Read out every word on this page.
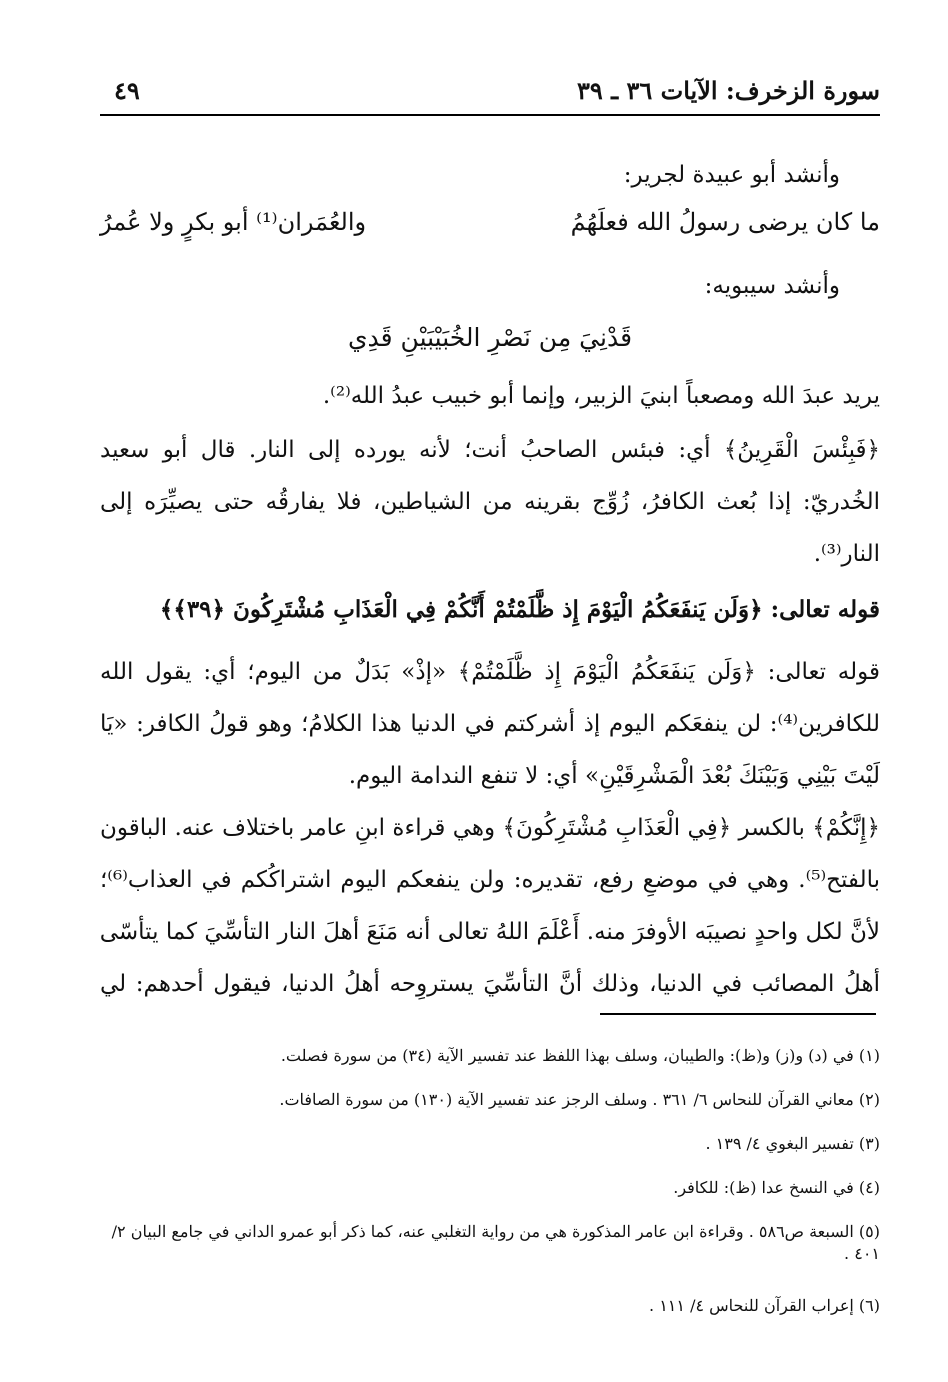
سورة الزخرف: الآيات ٣٦ ـ ٣٩
٤٩
وأنشد أبو عبيدة لجرير:
ما كان يرضى رسولُ الله فعلَهُمُ
والعُمَران⁽¹⁾ أبو بكرٍ ولا عُمرُ
وأنشد سيبويه:
قَدْنِيَ مِن نَصْرِ الخُبَيْبَيْنِ قَدِي
يريد عبدَ الله ومصعباً ابنيَ الزبير، وإنما أبو خبيب عبدُ الله⁽²⁾.
﴿فَبِئْسَ الْقَرِينُ﴾ أي: فبئس الصاحبُ أنت؛ لأنه يورده إلى النار. قال أبو سعيد
الخُدريّ: إذا بُعث الكافرُ، زُوِّج بقرينه من الشياطين، فلا يفارقُه حتى يصيِّرَه إلى
النار⁽³⁾.
قوله تعالى: ﴿وَلَن يَنفَعَكُمُ الْيَوْمَ إِذ ظَّلَمْتُمْ أَنَّكُمْ فِي الْعَذَابِ مُشْتَرِكُونَ ﴿٣٩﴾﴾
قوله تعالى: ﴿وَلَن يَنفَعَكُمُ الْيَوْمَ إِذ ظَّلَمْتُمْ﴾ «إذْ» بَدَلٌ من اليوم؛ أي: يقول الله
للكافرين⁽⁴⁾: لن ينفعَكم اليوم إذ أشركتم في الدنيا هذا الكلامُ؛ وهو قولُ الكافر: «يَا
لَيْتَ بَيْنِي وَبَيْنَكَ بُعْدَ الْمَشْرِقَيْنِ» أي: لا تنفع الندامة اليوم.
﴿إِنَّكُمْ﴾ بالكسر ﴿فِي الْعَذَابِ مُشْتَرِكُونَ﴾ وهي قراءة ابنِ عامر باختلاف عنه. الباقون
بالفتح⁽⁵⁾. وهي في موضعِ رفع، تقديره: ولن ينفعكم اليوم اشتراكُكم في العذاب⁽⁶⁾؛
لأنَّ لكل واحدٍ نصيبَه الأوفرَ منه. أَعْلَمَ اللهُ تعالى أنه مَنَعَ أهلَ النار التأسِّيَ كما يتأسّى
أهلُ المصائب في الدنيا، وذلك أنَّ التأسِّيَ يستروِحه أهلُ الدنيا، فيقول أحدهم: لي
(١) في (د) و(ز) و(ظ): والطيبان، وسلف بهذا اللفظ عند تفسير الآية (٣٤) من سورة فصلت.
(٢) معاني القرآن للنحاس ٦/ ٣٦١ . وسلف الرجز عند تفسير الآية (١٣٠) من سورة الصافات.
(٣) تفسير البغوي ٤/ ١٣٩ .
(٤) في النسخ عدا (ظ): للكافر.
(٥) السبعة ص٥٨٦ . وقراءة ابن عامر المذكورة هي من رواية التغلبي عنه، كما ذكر أبو عمرو الداني في جامع البيان ٢/ ٤٠١ .
(٦) إعراب القرآن للنحاس ٤/ ١١١ .
